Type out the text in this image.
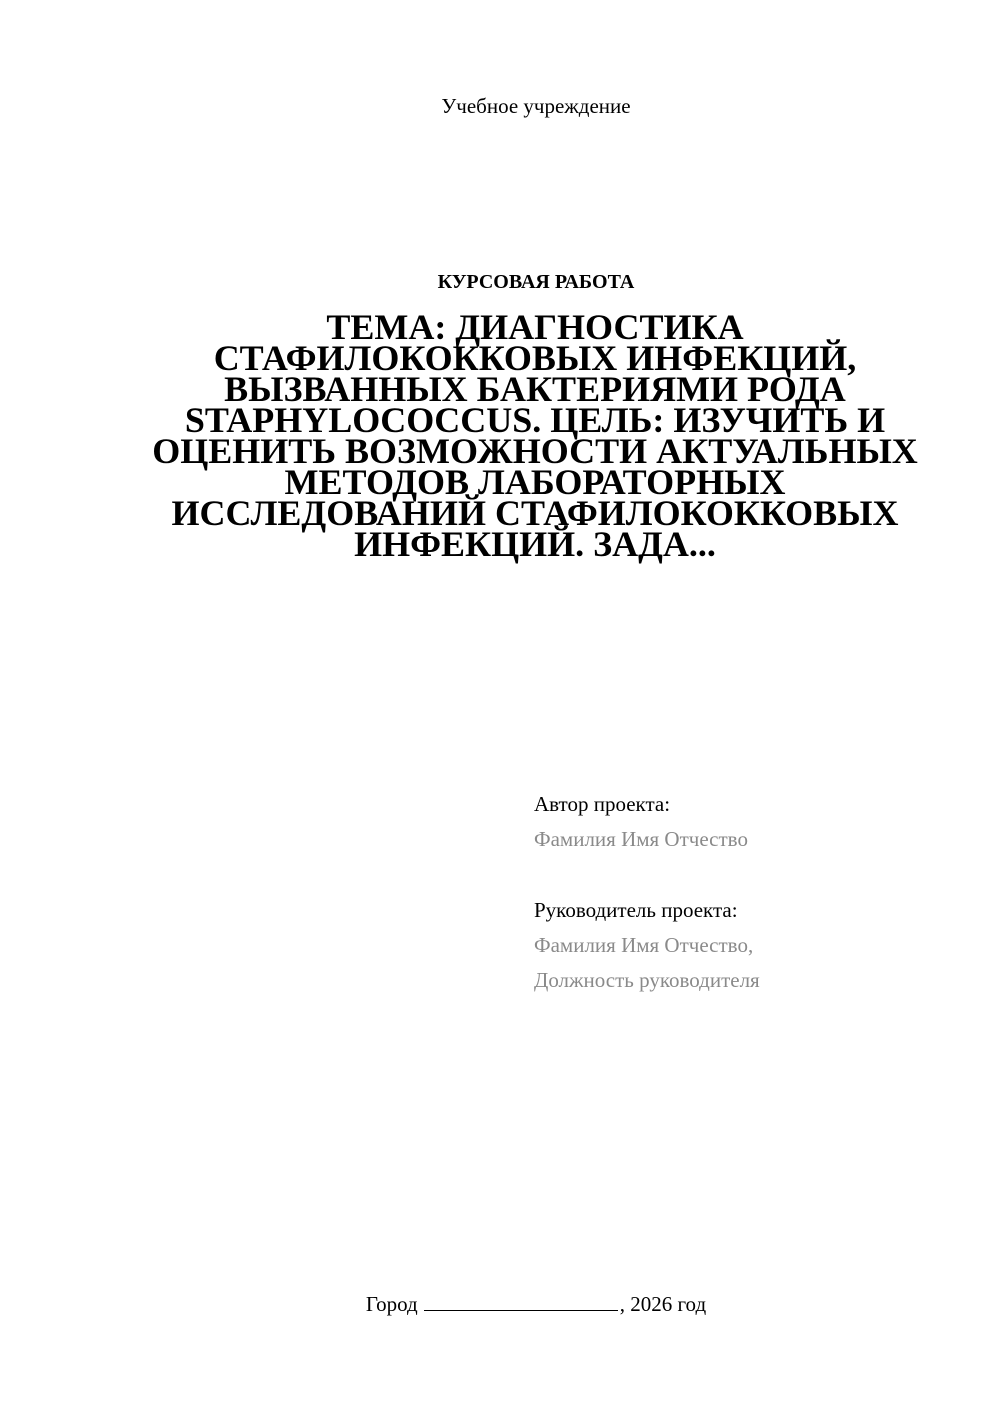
Учебное учреждение
КУРСОВАЯ РАБОТА
ТЕМА: ДИАГНОСТИКА СТАФИЛОКОККОВЫХ ИНФЕКЦИЙ, ВЫЗВАННЫХ БАКТЕРИЯМИ РОДА STAPHYLOCOCCUS. ЦЕЛЬ: ИЗУЧИТЬ И ОЦЕНИТЬ ВОЗМОЖНОСТИ АКТУАЛЬНЫХ МЕТОДОВ ЛАБОРАТОРНЫХ ИССЛЕДОВАНИЙ СТАФИЛОКОККОВЫХ ИНФЕКЦИЙ. ЗАДА...
Автор проекта:
Фамилия Имя Отчество
Руководитель проекта:
Фамилия Имя Отчество,
Должность руководителя
Город	, 2026 год
